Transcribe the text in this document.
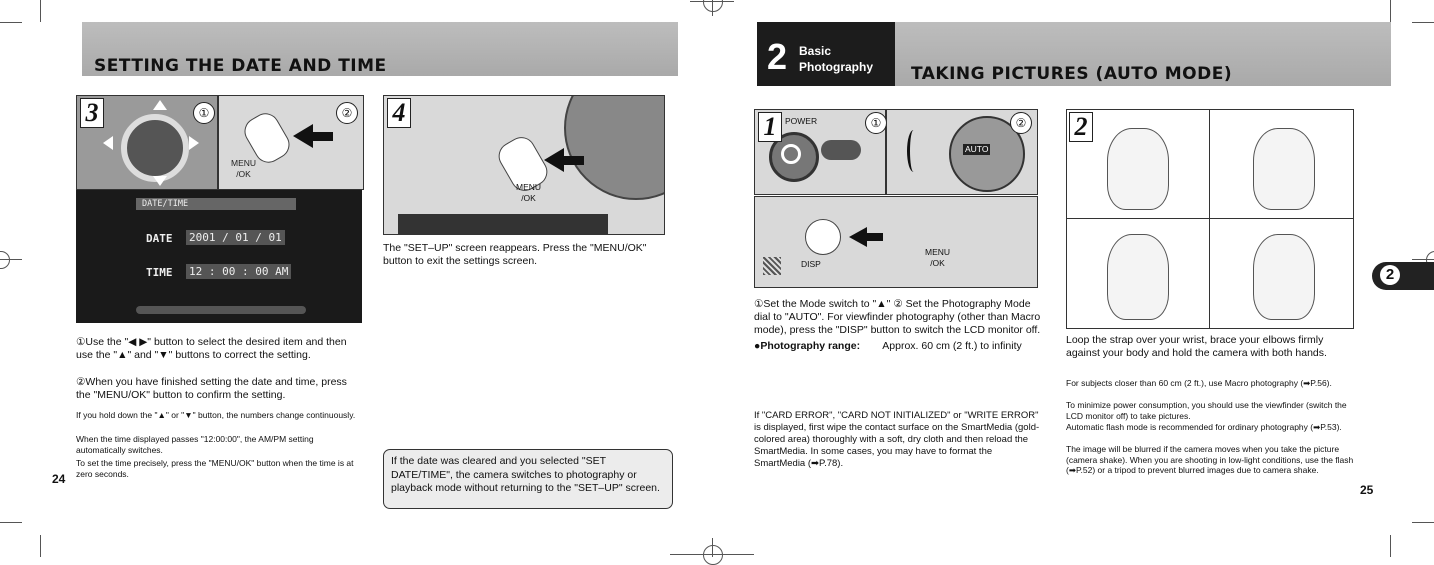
SETTING THE DATE AND TIME
3	①
MENU
/OK
②
DATE/TIME
DATE 2001 / 01 / 01
TIME 12 : 00 : 00 AM
①Use the "◀ ▶" button to select the desired item and then use the "▲" and "▼" buttons to correct the setting.
②When you have finished setting the date and time, press the "MENU/OK" button to confirm the setting.
If you hold down the "▲" or "▼" button, the numbers change continuously.
When the time displayed passes "12:00:00", the AM/PM setting automatically switches.
To set the time precisely, press the "MENU/OK" button when the time is at zero seconds.
24
MENU
/OK
4
The "SET–UP" screen reappears. Press the "MENU/OK" button to exit the settings screen.
If the date was cleared and you selected "SET DATE/TIME", the camera switches to photography or playback mode without returning to the "SET–UP" screen.
2 Basic
Photography TAKING PICTURES (AUTO MODE)
POWER
1	①
AUTO
②
DISP
MENU
/OK
①Set the Mode switch to "▲" ② Set the Photography Mode dial to "AUTO". For viewfinder photography (other than Macro mode), press the "DISP" button to switch the LCD monitor off.
●Photography range:	Approx. 60 cm (2 ft.) to infinity
If "CARD ERROR", "CARD NOT INITIALIZED" or "WRITE ERROR" is displayed, first wipe the contact surface on the SmartMedia (gold-colored area) thoroughly with a soft, dry cloth and then reload the SmartMedia. In some cases, you may have to format the SmartMedia (➡P.78).
2
Loop the strap over your wrist, brace your elbows firmly against your body and hold the camera with both hands.
For subjects closer than 60 cm (2 ft.), use Macro photography (➡P.56).
To minimize power consumption, you should use the viewfinder (switch the LCD monitor off) to take pictures.
Automatic flash mode is recommended for ordinary photography (➡P.53).
The image will be blurred if the camera moves when you take the picture (camera shake). When you are shooting in low-light conditions, use the flash (➡P.52) or a tripod to prevent blurred images due to camera shake.
25
2
